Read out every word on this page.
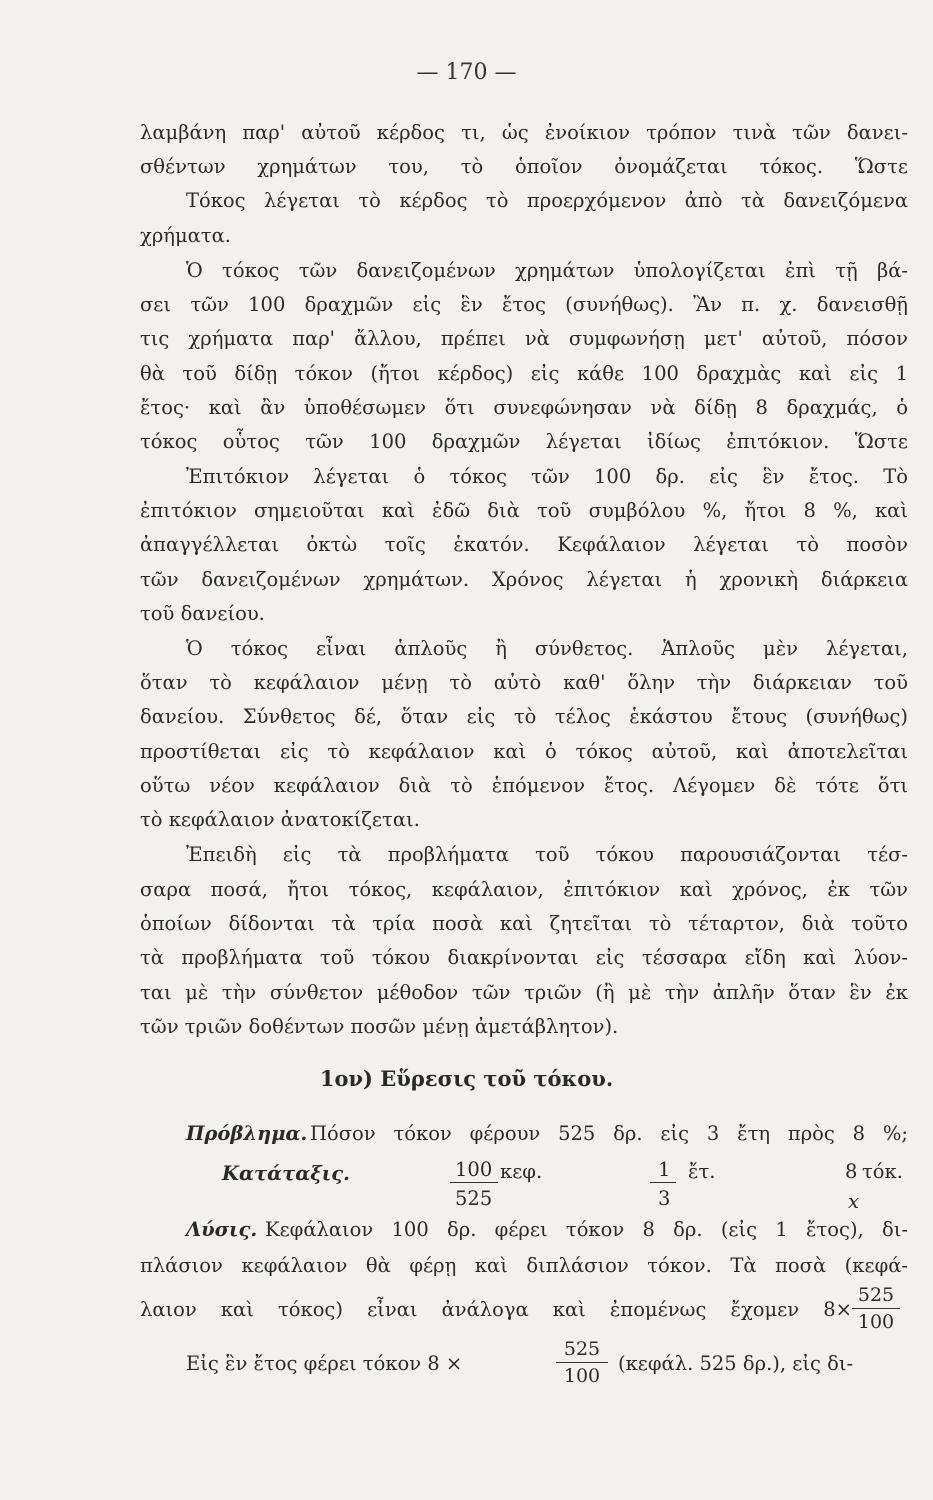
— 170 —
λαμβάνη παρ' αὐτοῦ κέρδος τι, ὡς ἐνοίκιον τρόπον τινὰ τῶν δανει-
σθέντων χρημάτων του, τὸ ὁποῖον ὀνομάζεται τόκος. Ὥστε
Τόκος λέγεται τὸ κέρδος τὸ προερχόμενον ἀπὸ τὰ δανειζόμενα
χρήματα.
Ὁ τόκος τῶν δανειζομένων χρημάτων ὑπολογίζεται ἐπὶ τῇ βά-
σει τῶν 100 δραχμῶν εἰς ἓν ἔτος (συνήθως). Ἂν π. χ. δανεισθῇ
τις χρήματα παρ' ἄλλου, πρέπει νὰ συμφωνήσῃ μετ' αὐτοῦ, πόσον
θὰ τοῦ δίδῃ τόκον (ἤτοι κέρδος) εἰς κάθε 100 δραχμὰς καὶ εἰς 1
ἔτος· καὶ ἂν ὑποθέσωμεν ὅτι συνεφώνησαν νὰ δίδῃ 8 δραχμάς, ὁ
τόκος οὗτος τῶν 100 δραχμῶν λέγεται ἰδίως ἐπιτόκιον. Ὥστε
Ἐπιτόκιον λέγεται ὁ τόκος τῶν 100 δρ. εἰς ἓν ἔτος. Τὸ
ἐπιτόκιον σημειοῦται καὶ ἐδῶ διὰ τοῦ συμβόλου %, ἤτοι 8 %, καὶ
ἀπαγγέλλεται ὀκτὼ τοῖς ἑκατόν. Κεφάλαιον λέγεται τὸ ποσὸν
τῶν δανειζομένων χρημάτων. Χρόνος λέγεται ἡ χρονικὴ διάρκεια
τοῦ δανείου.
Ὁ τόκος εἶναι ἁπλοῦς ἢ σύνθετος. Ἁπλοῦς μὲν λέγεται,
ὅταν τὸ κεφάλαιον μένῃ τὸ αὐτὸ καθ' ὅλην τὴν διάρκειαν τοῦ
δανείου. Σύνθετος δέ, ὅταν εἰς τὸ τέλος ἑκάστου ἔτους (συνήθως)
προστίθεται εἰς τὸ κεφάλαιον καὶ ὁ τόκος αὐτοῦ, καὶ ἀποτελεῖται
οὕτω νέον κεφάλαιον διὰ τὸ ἑπόμενον ἔτος. Λέγομεν δὲ τότε ὅτι
τὸ κεφάλαιον ἀνατοκίζεται.
Ἐπειδὴ εἰς τὰ προβλήματα τοῦ τόκου παρουσιάζονται τέσ-
σαρα ποσά, ἤτοι τόκος, κεφάλαιον, ἐπιτόκιον καὶ χρόνος, ἐκ τῶν
ὁποίων δίδονται τὰ τρία ποσὰ καὶ ζητεῖται τὸ τέταρτον, διὰ τοῦτο
τὰ προβλήματα τοῦ τόκου διακρίνονται εἰς τέσσαρα εἴδη καὶ λύον-
ται μὲ τὴν σύνθετον μέθοδον τῶν τριῶν (ἢ μὲ τὴν ἁπλῆν ὅταν ἓν ἐκ
τῶν τριῶν δοθέντων ποσῶν μένῃ ἀμετάβλητον).
1ον) Εὕρεσις τοῦ τόκου.
Πρόβλημα. Πόσον τόκον φέρουν 525 δρ. εἰς 3 ἔτη πρὸς 8 %;
Κατάταξις.	100 κεφ.
525
1 ἔτ.
3
8 τόκ.
x
Λύσις. Κεφάλαιον 100 δρ. φέρει τόκον 8 δρ. (εἰς 1 ἔτος), δι-
πλάσιον κεφάλαιον θὰ φέρῃ καὶ διπλάσιον τόκον. Τὰ ποσὰ (κεφά-
λαιον καὶ τόκος) εἶναι ἀνάλογα καὶ ἐπομένως ἔχομεν $8\times \frac{525}{100}$
Εἰς ἓν ἔτος φέρει τόκον 8 ×	$\frac{525}{100} (\kappa\varepsilon\varphi ά\lambda$. 525 δρ.), εἰς δι-
